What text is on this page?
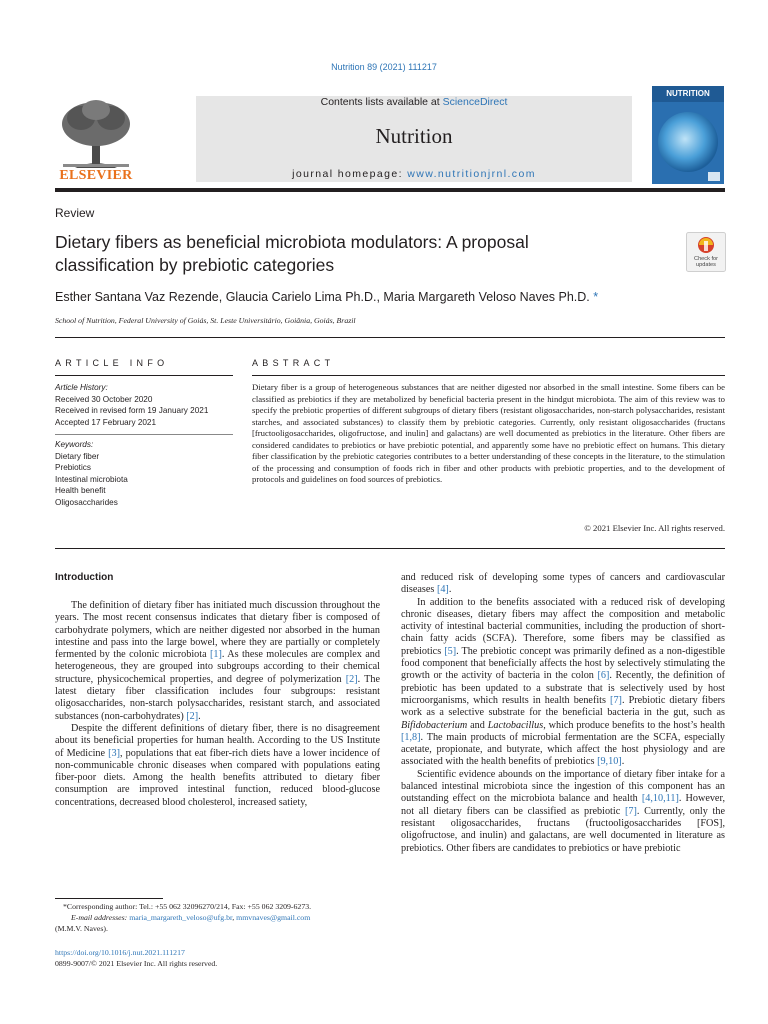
Nutrition 89 (2021) 111217
ELSEVIER
Contents lists available at ScienceDirect
Nutrition
journal homepage: www.nutritionjrnl.com
NUTRITION
Review
Dietary fibers as beneficial microbiota modulators: A proposal
classification by prebiotic categories	Check for updates
Esther Santana Vaz Rezende, Glaucia Carielo Lima Ph.D., Maria Margareth Veloso Naves Ph.D. *
School of Nutrition, Federal University of Goiás, St. Leste Universitário, Goiânia, Goiás, Brazil
ARTICLE INFO	ABSTRACT
Article History:
Received 30 October 2020
Received in revised form 19 January 2021
Accepted 17 February 2021
Keywords:
Dietary fiber
Prebiotics
Intestinal microbiota
Health benefit
Oligosaccharides
Dietary fiber is a group of heterogeneous substances that are neither digested nor absorbed in the small intestine. Some fibers can be classified as prebiotics if they are metabolized by beneficial bacteria present in the hindgut microbiota. The aim of this review was to specify the prebiotic properties of different subgroups of dietary fibers (resistant oligosaccharides, non-starch polysaccharides, resistant starches, and associated substances) to classify them by prebiotic categories. Currently, only resistant oligosaccharides (fructans [fructooligosaccharides, oligofructose, and inulin] and galactans) are well documented as prebiotics in the literature. Other fibers are considered candidates to prebiotics or have prebiotic potential, and apparently some have no prebiotic effect on humans. This dietary fiber classification by the prebiotic categories contributes to a better understanding of these concepts in the literature, to the stimulation of the processing and consumption of foods rich in fiber and other products with prebiotic properties, and to the development of protocols and guidelines on food sources of prebiotics.
© 2021 Elsevier Inc. All rights reserved.
Introduction

The definition of dietary fiber has initiated much discussion throughout the years. The most recent consensus indicates that dietary fiber is composed of carbohydrate polymers, which are neither digested nor absorbed in the human intestine and pass into the large bowel, where they are partially or completely fermented by the colonic microbiota [1]. As these molecules are complex and heterogeneous, they are grouped into subgroups according to their chemical structure, physicochemical properties, and degree of polymerization [2]. The latest dietary fiber classification includes four subgroups: resistant oligosaccharides, non-starch polysaccharides, resistant starch, and associated substances (non-carbohydrates) [2].

Despite the different definitions of dietary fiber, there is no disagreement about its beneficial properties for human health. According to the US Institute of Medicine [3], populations that eat fiber-rich diets have a lower incidence of non-communicable chronic diseases when compared with populations eating fiber-poor diets. Among the health benefits attributed to dietary fiber consumption are improved intestinal function, reduced blood-glucose concentrations, decreased blood cholesterol, increased satiety,

and reduced risk of developing some types of cancers and cardiovascular diseases [4].

In addition to the benefits associated with a reduced risk of developing chronic diseases, dietary fibers may affect the composition and metabolic activity of intestinal bacterial communities, including the production of short-chain fatty acids (SCFA). Therefore, some fibers may be classified as prebiotics [5]. The prebiotic concept was primarily defined as a non-digestible food component that beneficially affects the host by selectively stimulating the growth or the activity of bacteria in the colon [6]. Recently, the definition of prebiotic has been updated to a substrate that is selectively used by host microorganisms, which results in health benefits [7]. Prebiotic dietary fibers work as a selective substrate for the beneficial bacteria in the gut, such as Bifidobacterium and Lactobacillus, which produce benefits to the host’s health [1,8]. The main products of microbial fermentation are the SCFA, especially acetate, propionate, and butyrate, which affect the host physiology and are associated with the health benefits of prebiotics [9,10].

Scientific evidence abounds on the importance of dietary fiber intake for a balanced intestinal microbiota since the ingestion of this component has an outstanding effect on the microbiota balance and health [4,10,11]. However, not all dietary fibers can be classified as prebiotic [7]. Currently, only the resistant oligosaccharides, fructans (fructooligosaccharides [FOS], oligofructose, and inulin) and galactans, are well documented in literature as prebiotics. Other fibers are candidates to prebiotics or have prebiotic

*Corresponding author: Tel.: +55 062 32096270/214, Fax: +55 062 3209-6273.
E-mail addresses: maria_margareth_veloso@ufg.br, mmvnaves@gmail.com
(M.M.V. Naves).
https://doi.org/10.1016/j.nut.2021.111217
0899-9007/© 2021 Elsevier Inc. All rights reserved.
